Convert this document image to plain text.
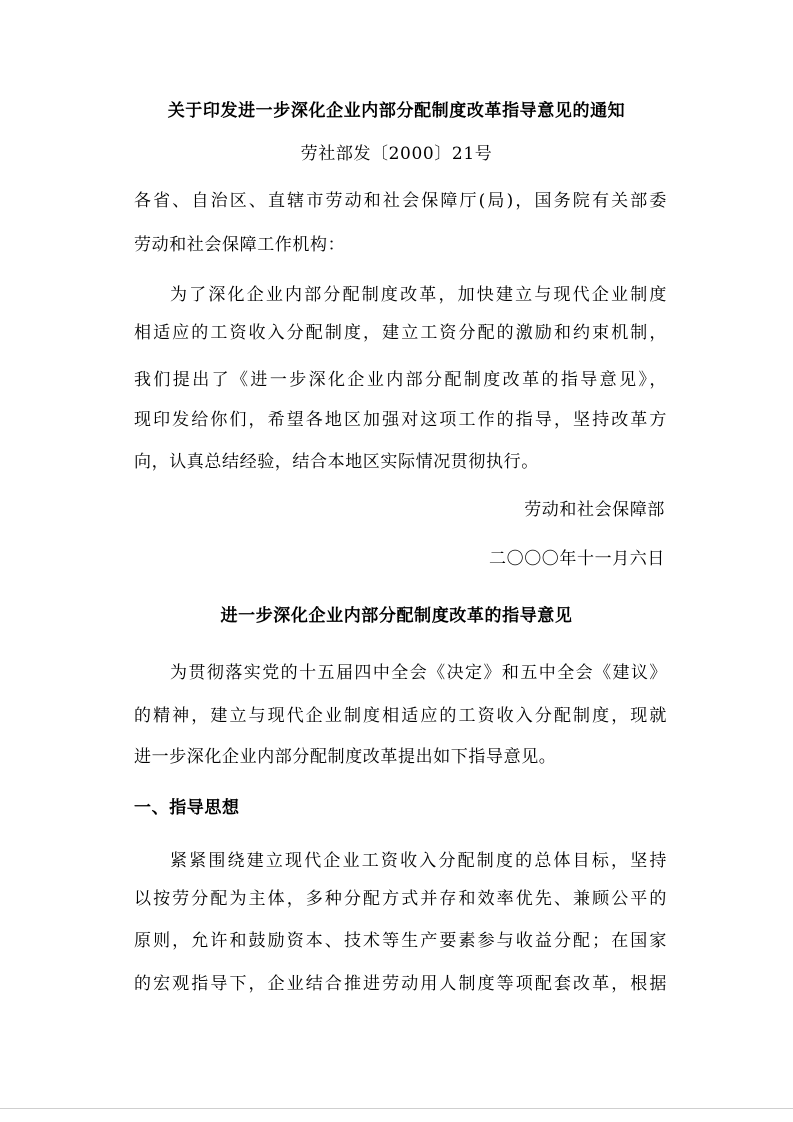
关于印发进一步深化企业内部分配制度改革指导意见的通知
劳社部发〔2000〕21号
各省、自治区、直辖市劳动和社会保障厅(局)，国务院有关部委
劳动和社会保障工作机构：
为了深化企业内部分配制度改革，加快建立与现代企业制度
相适应的工资收入分配制度，建立工资分配的激励和约束机制，
我们提出了《进一步深化企业内部分配制度改革的指导意见》，
现印发给你们，希望各地区加强对这项工作的指导，坚持改革方
向，认真总结经验，结合本地区实际情况贯彻执行。
劳动和社会保障部
二〇〇〇年十一月六日
进一步深化企业内部分配制度改革的指导意见
为贯彻落实党的十五届四中全会《决定》和五中全会《建议》
的精神，建立与现代企业制度相适应的工资收入分配制度，现就
进一步深化企业内部分配制度改革提出如下指导意见。
一、指导思想
紧紧围绕建立现代企业工资收入分配制度的总体目标，坚持
以按劳分配为主体，多种分配方式并存和效率优先、兼顾公平的
原则，允许和鼓励资本、技术等生产要素参与收益分配；在国家
的宏观指导下，企业结合推进劳动用人制度等项配套改革，根据
